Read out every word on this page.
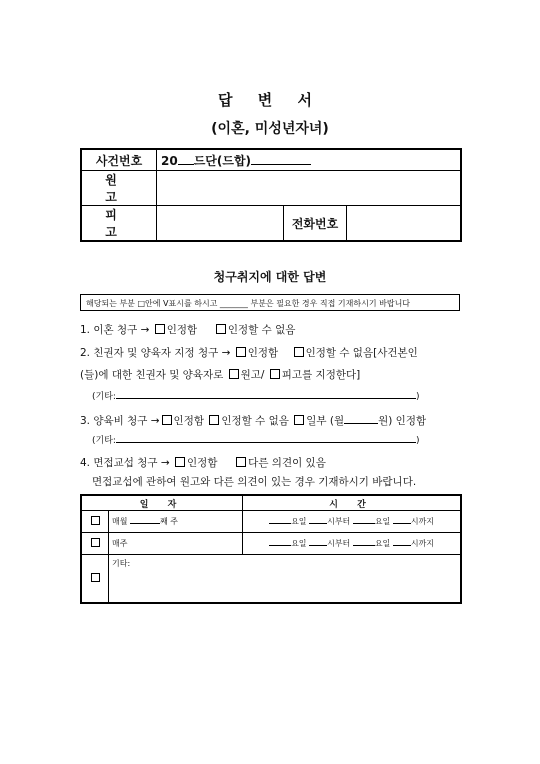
답 변 서
(이혼, 미성년자녀)
사건번호	20 드단(드합)		
원 고			
피 고		전화번호	
청구취지에 대한 답변
해당되는 부분 □안에 V표시를 하시고 _______ 부분은 필요한 경우 직접 기재하시기 바랍니다
1. 이혼 청구 → 인정함	인정할 수 없음
2. 친권자 및 양육자 지정 청구 → 인정함	인정할 수 없음[사건본인
(들)에 대한 친권자 및 양육자로 원고/ 피고를 지정한다]
(기타:	)
3. 양육비 청구 → 인정함 인정할 수 없음 일부 (월	원) 인정함
(기타:	)
4. 면접교섭 청구 → 인정함	다른 의견이 있음
면접교섭에 관하여 원고와 다른 의견이 있는 경우 기재하시기 바랍니다.
일 자		시 간
	매월 째 주	요일 시부터 요일 시까지
	매주	요일 시부터 요일 시까지
	기타:	
